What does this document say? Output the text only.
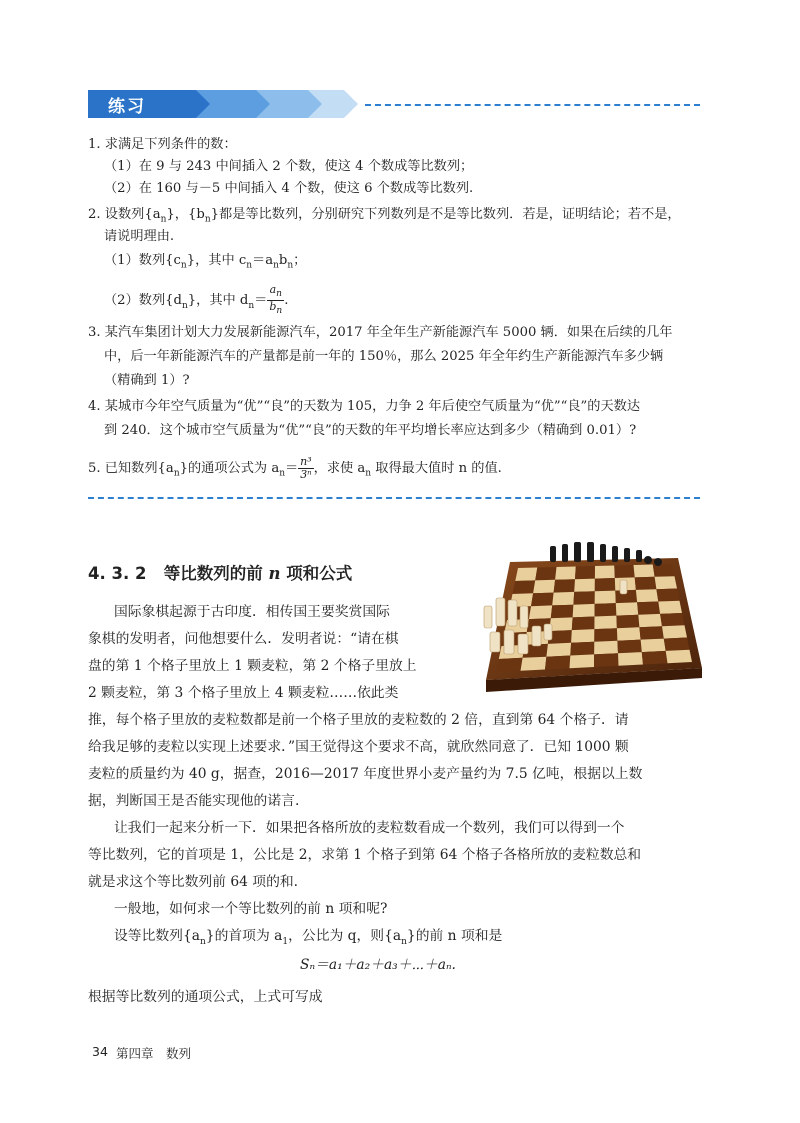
练习
1. 求满足下列条件的数：
（1）在 9 与 243 中间插入 2 个数，使这 4 个数成等比数列；
（2）在 160 与－5 中间插入 4 个数，使这 6 个数成等比数列.
2. 设数列$\{a_n\}$，$\{b_n\}$都是等比数列，分别研究下列数列是不是等比数列．若是，证明结论；若不是，
请说明理由.
（1）数列$\{c_n\}$，其中 $c_n=a_nb_n$；
（2）数列$\{d_n\}$，其中 $d_n= \frac{a_n}{b_n}$ .
3. 某汽车集团计划大力发展新能源汽车，2017 年全年生产新能源汽车 5000 辆．如果在后续的几年
中，后一年新能源汽车的产量都是前一年的 150％，那么 2025 年全年约生产新能源汽车多少辆
（精确到 1）?
4. 某城市今年空气质量为“优”“良”的天数为 105，力争 2 年后使空气质量为“优”“良”的天数达
到 240．这个城市空气质量为“优”“良”的天数的年平均增长率应达到多少（精确到 0.01）?
5. 已知数列$\{a_n\}$的通项公式为 $a_n= \frac{\text{n³}}{\text{3ⁿ}}$ ，求使 $a_n$ 取得最大值时 n 的值.
4. 3. 2 等比数列的前 n 项和公式
国际象棋起源于古印度．相传国王要奖赏国际
象棋的发明者，问他想要什么．发明者说：“请在棋
盘的第 1 个格子里放上 1 颗麦粒，第 2 个格子里放上
2 颗麦粒，第 3 个格子里放上 4 颗麦粒……依此类
推，每个格子里放的麦粒数都是前一个格子里放的麦粒数的 2 倍，直到第 64 个格子．请
给我足够的麦粒以实现上述要求．”国王觉得这个要求不高，就欣然同意了．已知 1000 颗
麦粒的质量约为 40 g，据查，2016—2017 年度世界小麦产量约为 7.5 亿吨，根据以上数
据，判断国王是否能实现他的诺言.
让我们一起来分析一下．如果把各格所放的麦粒数看成一个数列，我们可以得到一个
等比数列，它的首项是 1，公比是 2，求第 1 个格子到第 64 个格子各格所放的麦粒数总和
就是求这个等比数列前 64 项的和.
一般地，如何求一个等比数列的前 n 项和呢?
设等比数列$\{a_n\}$的首项为 $a_1$，公比为 q，则$\{a_n\}$的前 n 项和是
Sₙ＝a₁＋a₂＋a₃＋⋯＋aₙ.
根据等比数列的通项公式，上式可写成
34 第四章　数列
